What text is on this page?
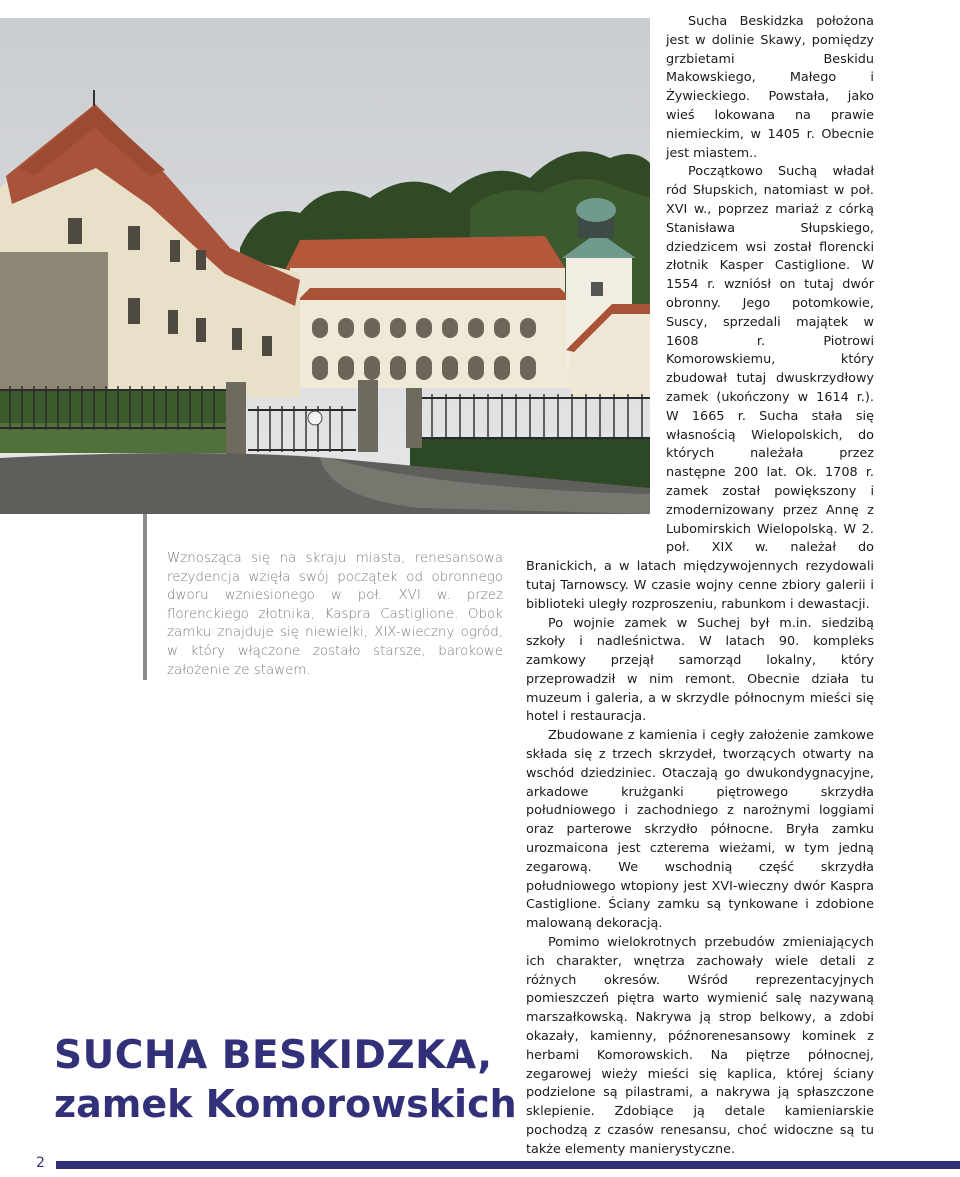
Wznosząca się na skraju miasta, renesansowa rezydencja wzięła swój początek od obronnego dworu wzniesionego w poł. XVI w. przez florenckiego złotnika, Kaspra Castiglione. Obok zamku znajduje się niewielki, XIX-wieczny ogród, w który włączone zostało starsze, barokowe założenie ze stawem.

Sucha Beskidzka położona jest w dolinie Skawy, pomiędzy grzbietami Beskidu Makowskiego, Małego i Żywieckiego. Powstała, jako wieś lokowana na prawie niemieckim, w 1405 r. Obecnie jest miastem..

Początkowo Suchą władał ród Słupskich, natomiast w poł. XVI w., poprzez mariaż z córką Stanisława Słupskiego, dziedzicem wsi został florencki złotnik Kasper Castiglione. W 1554 r. wzniósł on tutaj dwór obronny. Jego potomkowie, Suscy, sprzedali majątek w 1608 r. Piotrowi Komorowskiemu, który zbudował tutaj dwuskrzydłowy zamek (ukończony w 1614 r.). W 1665 r. Sucha stała się własnością Wielopolskich, do których należała przez następne 200 lat. Ok. 1708 r. zamek został powiększony i zmodernizowany przez Annę z Lubomirskich Wielopolską. W 2. poł. XIX w. należał do Branickich, a w latach międzywojennych rezydowali tutaj Tarnowscy. W czasie wojny cenne zbiory galerii i biblioteki uległy rozproszeniu, rabunkom i dewastacji.

Po wojnie zamek w Suchej był m.in. siedzibą szkoły i nadleśnictwa. W latach 90. kompleks zamkowy przejął samorząd lokalny, który przeprowadził w nim remont. Obecnie działa tu muzeum i galeria, a w skrzydle północnym mieści się hotel i restauracja.

Zbudowane z kamienia i cegły założenie zamkowe składa się z trzech skrzydeł, tworzących otwarty na wschód dziedziniec. Otaczają go dwukondygnacyjne, arkadowe krużganki piętrowego skrzydła południowego i zachodniego z narożnymi loggiami oraz parterowe skrzydło północne. Bryła zamku urozmaicona jest czterema wieżami, w tym jedną zegarową. We wschodnią część skrzydła południowego wtopiony jest XVI-wieczny dwór Kaspra Castiglione. Ściany zamku są tynkowane i zdobione malowaną dekoracją.

Pomimo wielokrotnych przebudów zmieniających ich charakter, wnętrza zachowały wiele detali z różnych okresów. Wśród reprezentacyjnych pomieszczeń piętra warto wymienić salę nazywaną marszałkowską. Nakrywa ją strop belkowy, a zdobi okazały, kamienny, późnorenesansowy kominek z herbami Komorowskich. Na piętrze północnej, zegarowej wieży mieści się kaplica, której ściany podzielone są pilastrami, a nakrywa ją spłaszczone sklepienie. Zdobiące ją detale kamieniarskie pochodzą z czasów renesansu, choć widoczne są tu także elementy manierystyczne.

SUCHA BESKIDZKA,
zamek Komorowskich
2
